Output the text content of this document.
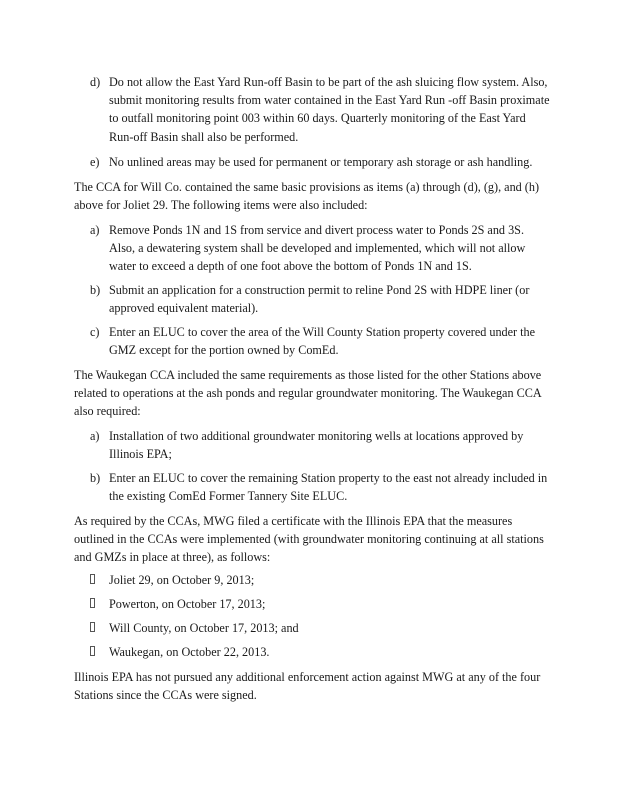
d) Do not allow the East Yard Run-off Basin to be part of the ash sluicing flow system. Also, submit monitoring results from water contained in the East Yard Run -off Basin proximate to outfall monitoring point 003 within 60 days. Quarterly monitoring of the East Yard Run-off Basin shall also be performed.
e) No unlined areas may be used for permanent or temporary ash storage or ash handling.

The CCA for Will Co. contained the same basic provisions as items (a) through (d), (g), and (h) above for Joliet 29. The following items were also included:

a) Remove Ponds 1N and 1S from service and divert process water to Ponds 2S and 3S. Also, a dewatering system shall be developed and implemented, which will not allow water to exceed a depth of one foot above the bottom of Ponds 1N and 1S.
b) Submit an application for a construction permit to reline Pond 2S with HDPE liner (or approved equivalent material).
c) Enter an ELUC to cover the area of the Will County Station property covered under the GMZ except for the portion owned by ComEd.

The Waukegan CCA included the same requirements as those listed for the other Stations above related to operations at the ash ponds and regular groundwater monitoring. The Waukegan CCA also required:

a) Installation of two additional groundwater monitoring wells at locations approved by Illinois EPA;
b) Enter an ELUC to cover the remaining Station property to the east not already included in the existing ComEd Former Tannery Site ELUC.

As required by the CCAs, MWG filed a certificate with the Illinois EPA that the measures outlined in the CCAs were implemented (with groundwater monitoring continuing at all stations and GMZs in place at three), as follows:

Joliet 29, on October 9, 2013;
Powerton, on October 17, 2013;
Will County, on October 17, 2013; and
Waukegan, on October 22, 2013.

Illinois EPA has not pursued any additional enforcement action against MWG at any of the four Stations since the CCAs were signed.
